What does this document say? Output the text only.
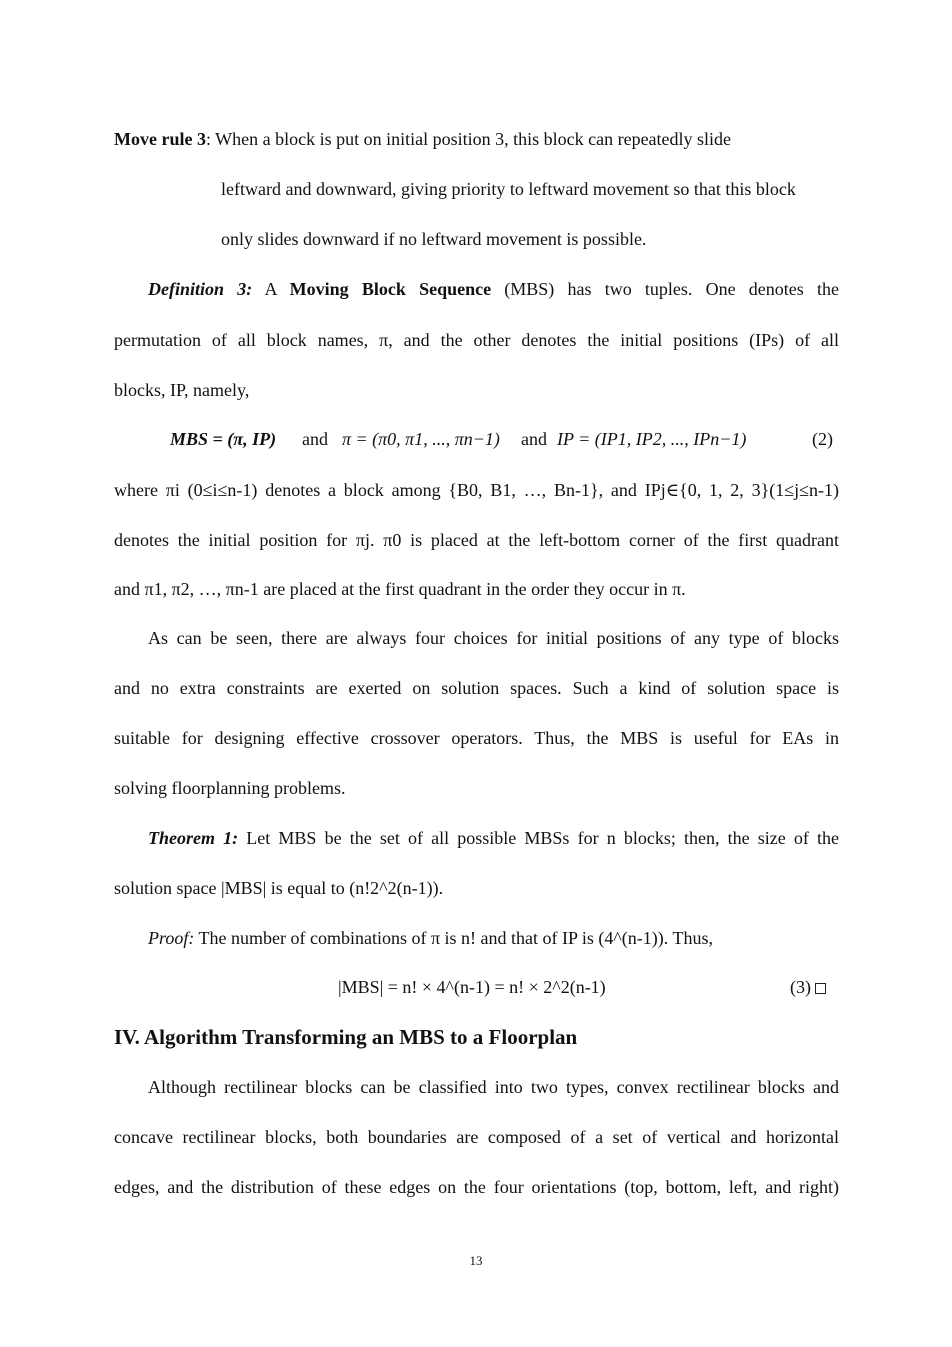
Move rule 3: When a block is put on initial position 3, this block can repeatedly slide
leftward and downward, giving priority to leftward movement so that this block
only slides downward if no leftward movement is possible.
Definition 3: A Moving Block Sequence (MBS) has two tuples. One denotes the
permutation of all block names, π, and the other denotes the initial positions (IPs) of all
blocks, IP, namely,
MBS = (π, IP) and π = (π0, π1, ..., πn−1) and IP = (IP1, IP2, ..., IPn−1)	(2)
where πi (0≤i≤n-1) denotes a block among {B0, B1, …, Bn-1}, and IPj∈{0, 1, 2, 3}(1≤j≤n-1)
denotes the initial position for πj. π0 is placed at the left-bottom corner of the first quadrant
and π1, π2, …, πn-1 are placed at the first quadrant in the order they occur in π.
As can be seen, there are always four choices for initial positions of any type of blocks
and no extra constraints are exerted on solution spaces. Such a kind of solution space is
suitable for designing effective crossover operators. Thus, the MBS is useful for EAs in
solving floorplanning problems.
Theorem 1: Let MBS be the set of all possible MBSs for n blocks; then, the size of the
solution space |MBS| is equal to (n!2^2(n-1)).
Proof: The number of combinations of π is n! and that of IP is (4^(n-1)). Thus,
|MBS| = n! × 4^(n-1) = n! × 2^2(n-1)	(3)
IV. Algorithm Transforming an MBS to a Floorplan
Although rectilinear blocks can be classified into two types, convex rectilinear blocks and
concave rectilinear blocks, both boundaries are composed of a set of vertical and horizontal
edges, and the distribution of these edges on the four orientations (top, bottom, left, and right)
13
